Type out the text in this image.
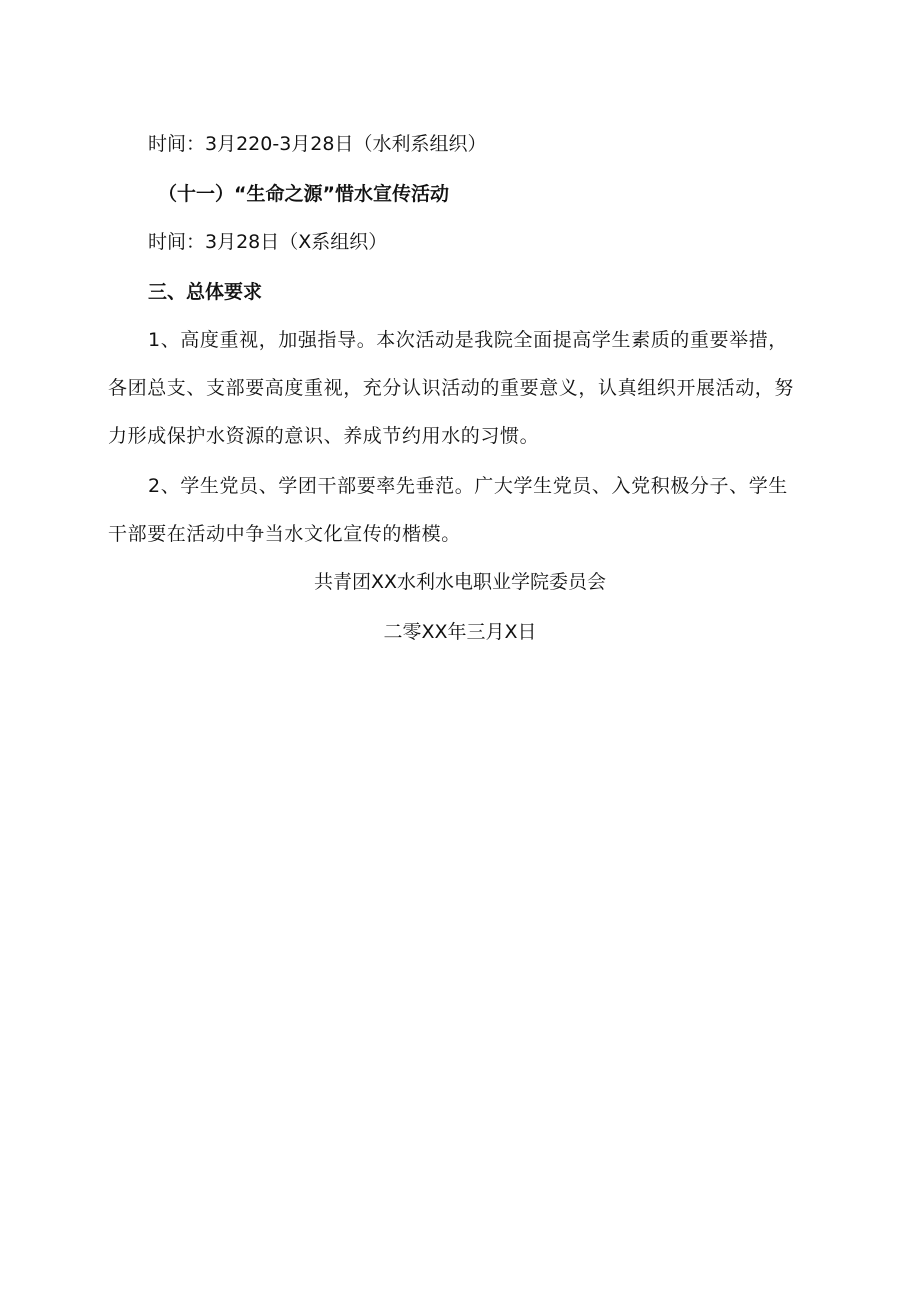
时间：3月220-3月28日（水利系组织）
（十一）“生命之源”惜水宣传活动
时间：3月28日（X系组织）
三、总体要求
1、高度重视，加强指导。本次活动是我院全面提高学生素质的重要举措，
各团总支、支部要高度重视，充分认识活动的重要意义，认真组织开展活动，努
力形成保护水资源的意识、养成节约用水的习惯。
2、学生党员、学团干部要率先垂范。广大学生党员、入党积极分子、学生
干部要在活动中争当水文化宣传的楷模。
共青团XX水利水电职业学院委员会
二零XX年三月X日
